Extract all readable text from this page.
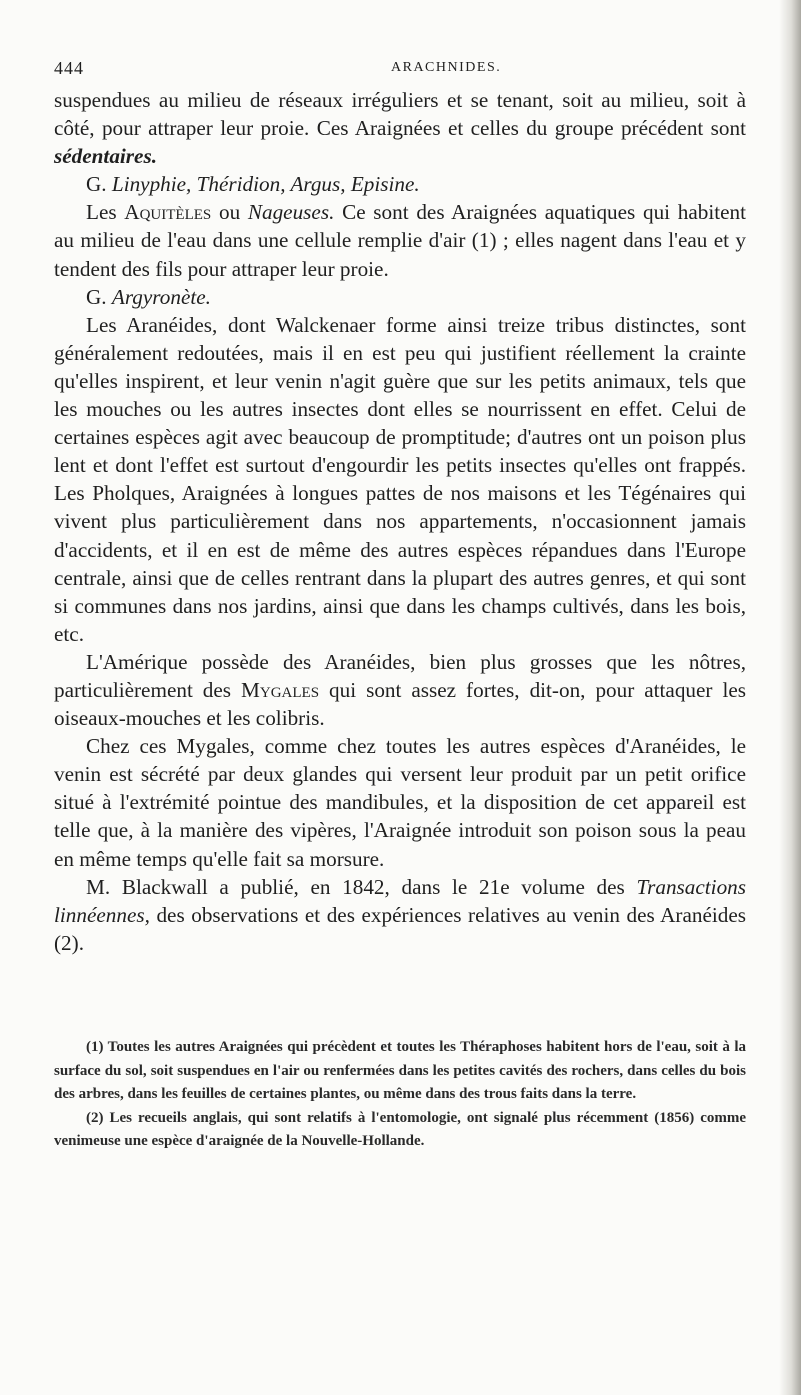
444	ARACHNIDES.

suspendues au milieu de réseaux irréguliers et se tenant, soit au milieu, soit à côté, pour attraper leur proie. Ces Araignées et celles du groupe précédent sont sédentaires.

G. Linyphie, Théridion, Argus, Episine.

Les Aquitèles ou Nageuses. Ce sont des Araignées aquatiques qui habitent au milieu de l'eau dans une cellule remplie d'air (1) ; elles nagent dans l'eau et y tendent des fils pour attraper leur proie.

G. Argyronète.

Les Aranéides, dont Walckenaer forme ainsi treize tribus distinctes, sont généralement redoutées, mais il en est peu qui justifient réellement la crainte qu'elles inspirent, et leur venin n'agit guère que sur les petits animaux, tels que les mouches ou les autres insectes dont elles se nourrissent en effet. Celui de certaines espèces agit avec beaucoup de promptitude; d'autres ont un poison plus lent et dont l'effet est surtout d'engourdir les petits insectes qu'elles ont frappés. Les Pholques, Araignées à longues pattes de nos maisons et les Tégénaires qui vivent plus particulièrement dans nos appartements, n'occasionnent jamais d'accidents, et il en est de même des autres espèces répandues dans l'Europe centrale, ainsi que de celles rentrant dans la plupart des autres genres, et qui sont si communes dans nos jardins, ainsi que dans les champs cultivés, dans les bois, etc.

L'Amérique possède des Aranéides, bien plus grosses que les nôtres, particulièrement des Mygales qui sont assez fortes, dit-on, pour attaquer les oiseaux-mouches et les colibris.

Chez ces Mygales, comme chez toutes les autres espèces d'Aranéides, le venin est sécrété par deux glandes qui versent leur produit par un petit orifice situé à l'extrémité pointue des mandibules, et la disposition de cet appareil est telle que, à la manière des vipères, l'Araignée introduit son poison sous la peau en même temps qu'elle fait sa morsure.

M. Blackwall a publié, en 1842, dans le 21e volume des Transactions linnéennes, des observations et des expériences relatives au venin des Aranéides (2).

(1) Toutes les autres Araignées qui précèdent et toutes les Théraphoses habitent hors de l'eau, soit à la surface du sol, soit suspendues en l'air ou renfermées dans les petites cavités des rochers, dans celles du bois des arbres, dans les feuilles de certaines plantes, ou même dans des trous faits dans la terre.

(2) Les recueils anglais, qui sont relatifs à l'entomologie, ont signalé plus récemment (1856) comme venimeuse une espèce d'araignée de la Nouvelle-Hollande.
